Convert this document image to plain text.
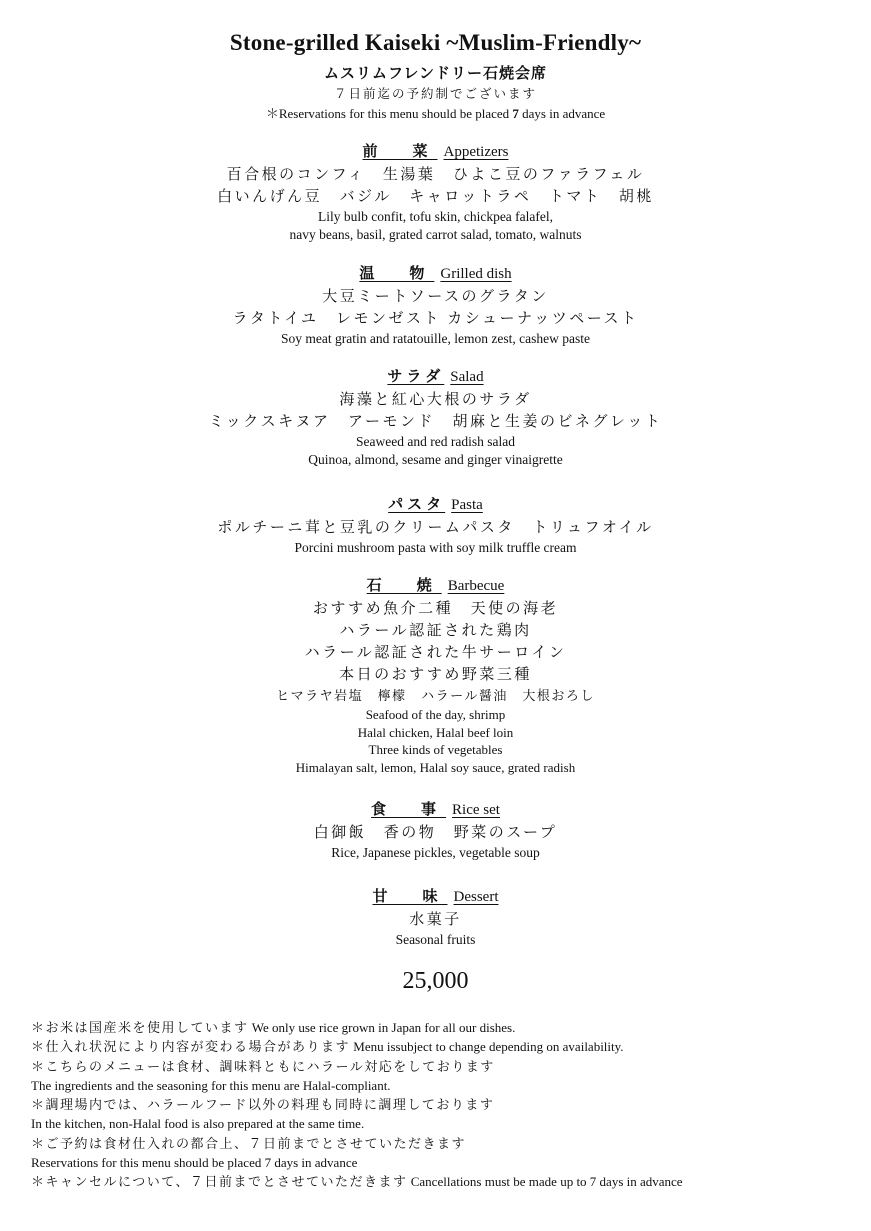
Stone-grilled Kaiseki ~Muslim-Friendly~
ムスリムフレンドリー石焼会席
７日前迄の予約制でございます
＊Reservations for this menu should be placed 7 days in advance
前　菜 Appetizers
百合根のコンフィ　生湯葉　ひよこ豆のファラフェル
白いんげん豆　バジル　キャロットラペ　トマト　胡桃
Lily bulb confit, tofu skin, chickpea falafel,
navy beans, basil, grated carrot salad, tomato, walnuts
温　物 Grilled dish
大豆ミートソースのグラタン
ラタトイユ　レモンゼスト カシューナッツペースト
Soy meat gratin and ratatouille, lemon zest, cashew paste
サラダ Salad
海藻と紅心大根のサラダ
ミックスキヌア　アーモンド　胡麻と生姜のビネグレット
Seaweed and red radish salad
Quinoa, almond, sesame and ginger vinaigrette
パスタ Pasta
ポルチーニ茸と豆乳のクリームパスタ　トリュフオイル
Porcini mushroom pasta with soy milk truffle cream
石　焼 Barbecue
おすすめ魚介二種　天使の海老
ハラール認証された鶏肉
ハラール認証された牛サーロイン
本日のおすすめ野菜三種
ヒマラヤ岩塩　檸檬　ハラール醤油　大根おろし
Seafood of the day, shrimp
Halal chicken, Halal beef loin
Three kinds of vegetables
Himalayan salt, lemon, Halal soy sauce, grated radish
食　事 Rice set
白御飯　香の物　野菜のスープ
Rice, Japanese pickles, vegetable soup
甘　味 Dessert
水菓子
Seasonal fruits
25,000
＊お米は国産米を使用しています We only use rice grown in Japan for all our dishes.
＊仕入れ状況により内容が変わる場合があります Menu issubject to change depending on availability.
＊こちらのメニューは食材、調味料ともにハラール対応をしております
The ingredients and the seasoning for this menu are Halal-compliant.
＊調理場内では、ハラールフード以外の料理も同時に調理しております
In the kitchen, non-Halal food is also prepared at the same time.
＊ご予約は食材仕入れの都合上、７日前までとさせていただきます
Reservations for this menu should be placed 7 days in advance
＊キャンセルについて、７日前までとさせていただきます Cancellations must be made up to 7 days in advance
